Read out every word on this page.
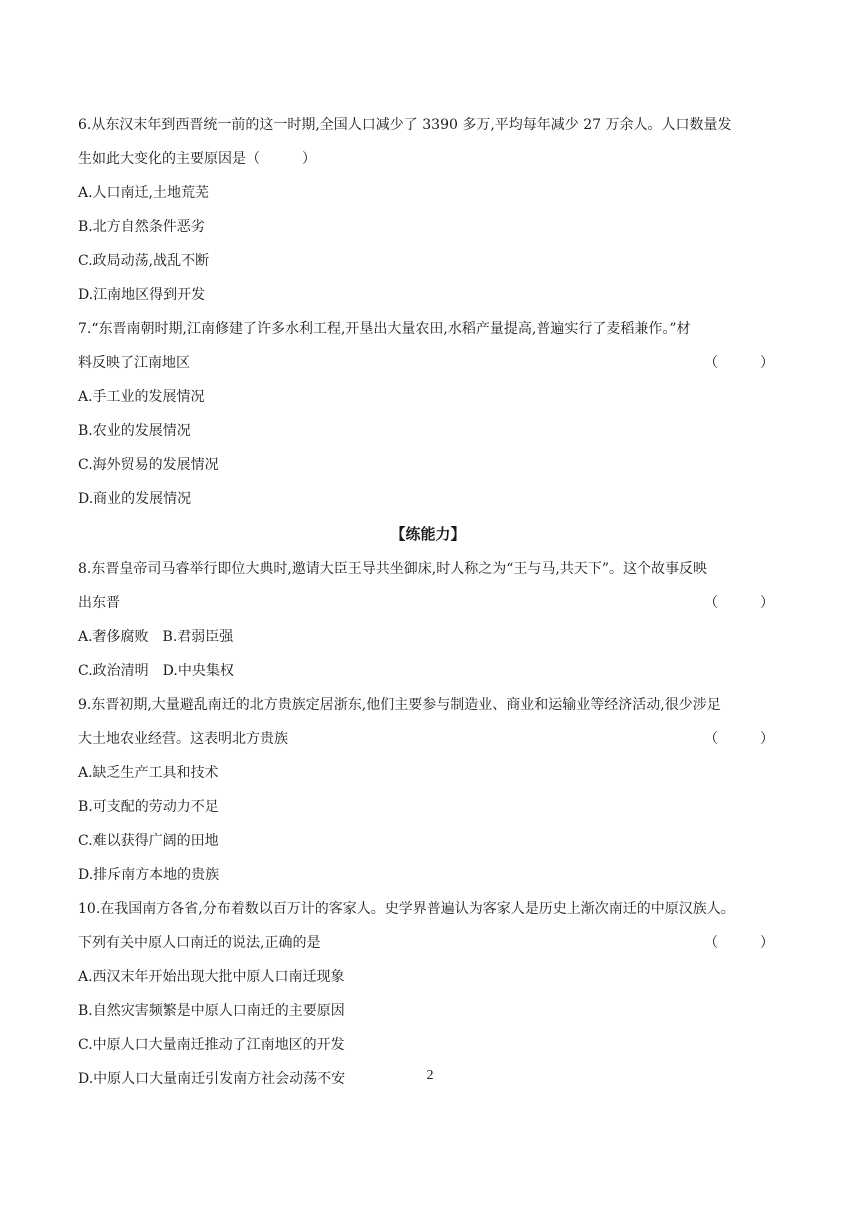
6.从东汉末年到西晋统一前的这一时期,全国人口减少了 3390 多万,平均每年减少 27 万余人。人口数量发
生如此大变化的主要原因是（　　　）
A.人口南迁,土地荒芜
B.北方自然条件恶劣
C.政局动荡,战乱不断
D.江南地区得到开发
7.“东晋南朝时期,江南修建了许多水利工程,开垦出大量农田,水稻产量提高,普遍实行了麦稻兼作。”材
料反映了江南地区	（　　　）
A.手工业的发展情况
B.农业的发展情况
C.海外贸易的发展情况
D.商业的发展情况
【练能力】
8.东晋皇帝司马睿举行即位大典时,邀请大臣王导共坐御床,时人称之为“王与马,共天下”。这个故事反映
出东晋	（　　　）
A.奢侈腐败　B.君弱臣强
C.政治清明　D.中央集权
9.东晋初期,大量避乱南迁的北方贵族定居浙东,他们主要参与制造业、商业和运输业等经济活动,很少涉足
大土地农业经营。这表明北方贵族	（　　　）
A.缺乏生产工具和技术
B.可支配的劳动力不足
C.难以获得广阔的田地
D.排斥南方本地的贵族
10.在我国南方各省,分布着数以百万计的客家人。史学界普遍认为客家人是历史上渐次南迁的中原汉族人。
下列有关中原人口南迁的说法,正确的是	（　　　）
A.西汉末年开始出现大批中原人口南迁现象
B.自然灾害频繁是中原人口南迁的主要原因
C.中原人口大量南迁推动了江南地区的开发
D.中原人口大量南迁引发南方社会动荡不安	2
